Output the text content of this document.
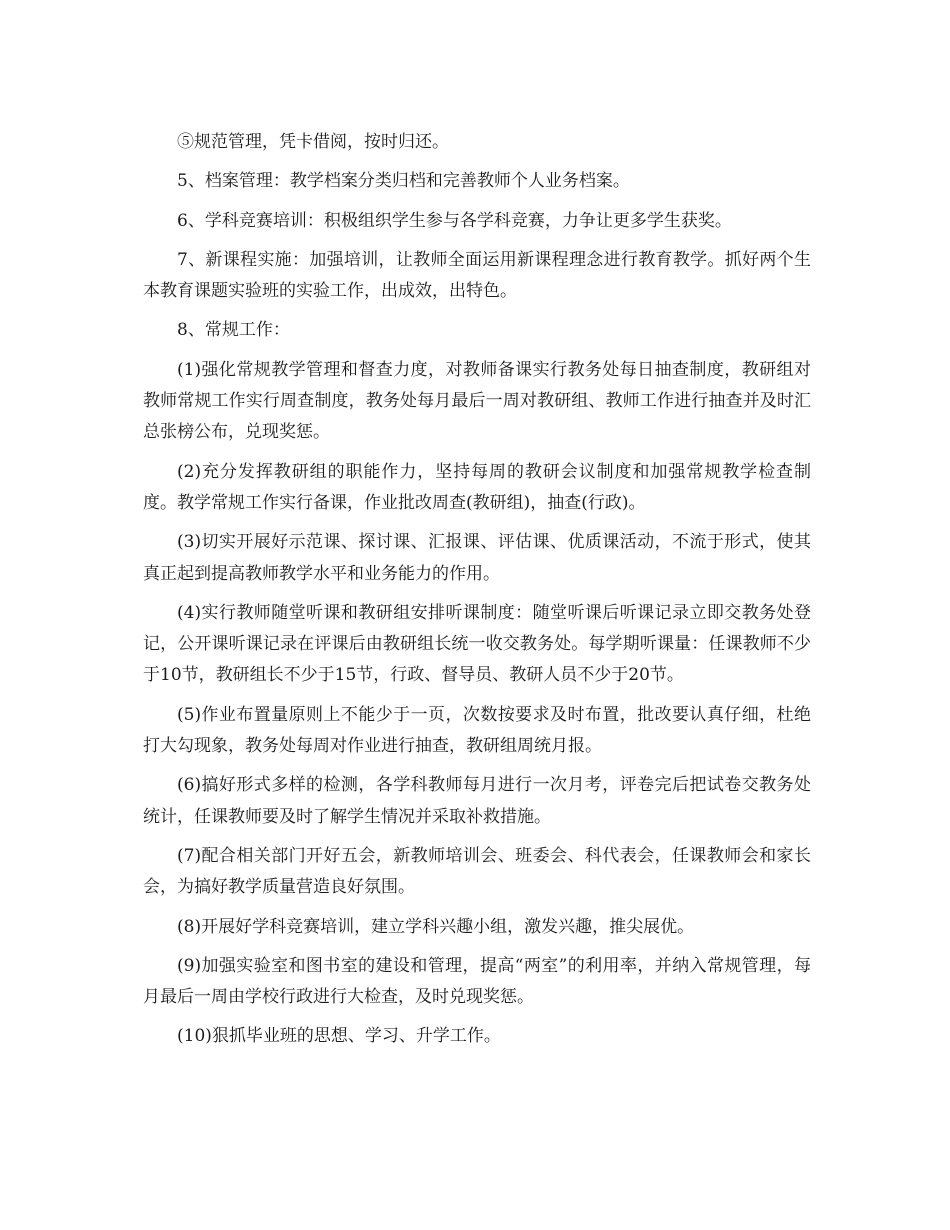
⑤规范管理，凭卡借阅，按时归还。

5、档案管理：教学档案分类归档和完善教师个人业务档案。

6、学科竞赛培训：积极组织学生参与各学科竞赛，力争让更多学生获奖。

7、新课程实施：加强培训，让教师全面运用新课程理念进行教育教学。抓好两个生本教育课题实验班的实验工作，出成效，出特色。

8、常规工作：

(1)强化常规教学管理和督查力度，对教师备课实行教务处每日抽查制度，教研组对教师常规工作实行周查制度，教务处每月最后一周对教研组、教师工作进行抽查并及时汇总张榜公布，兑现奖惩。

(2)充分发挥教研组的职能作力，坚持每周的教研会议制度和加强常规教学检查制度。教学常规工作实行备课，作业批改周查(教研组)，抽查(行政)。

(3)切实开展好示范课、探讨课、汇报课、评估课、优质课活动，不流于形式，使其真正起到提高教师教学水平和业务能力的作用。

(4)实行教师随堂听课和教研组安排听课制度：随堂听课后听课记录立即交教务处登记，公开课听课记录在评课后由教研组长统一收交教务处。每学期听课量：任课教师不少于10节，教研组长不少于15节，行政、督导员、教研人员不少于20节。

(5)作业布置量原则上不能少于一页，次数按要求及时布置，批改要认真仔细，杜绝打大勾现象，教务处每周对作业进行抽查，教研组周统月报。

(6)搞好形式多样的检测，各学科教师每月进行一次月考，评卷完后把试卷交教务处统计，任课教师要及时了解学生情况并采取补救措施。

(7)配合相关部门开好五会，新教师培训会、班委会、科代表会，任课教师会和家长会，为搞好教学质量营造良好氛围。

(8)开展好学科竞赛培训，建立学科兴趣小组，激发兴趣，推尖展优。

(9)加强实验室和图书室的建设和管理，提高“两室”的利用率，并纳入常规管理，每月最后一周由学校行政进行大检查，及时兑现奖惩。

(10)狠抓毕业班的思想、学习、升学工作。
